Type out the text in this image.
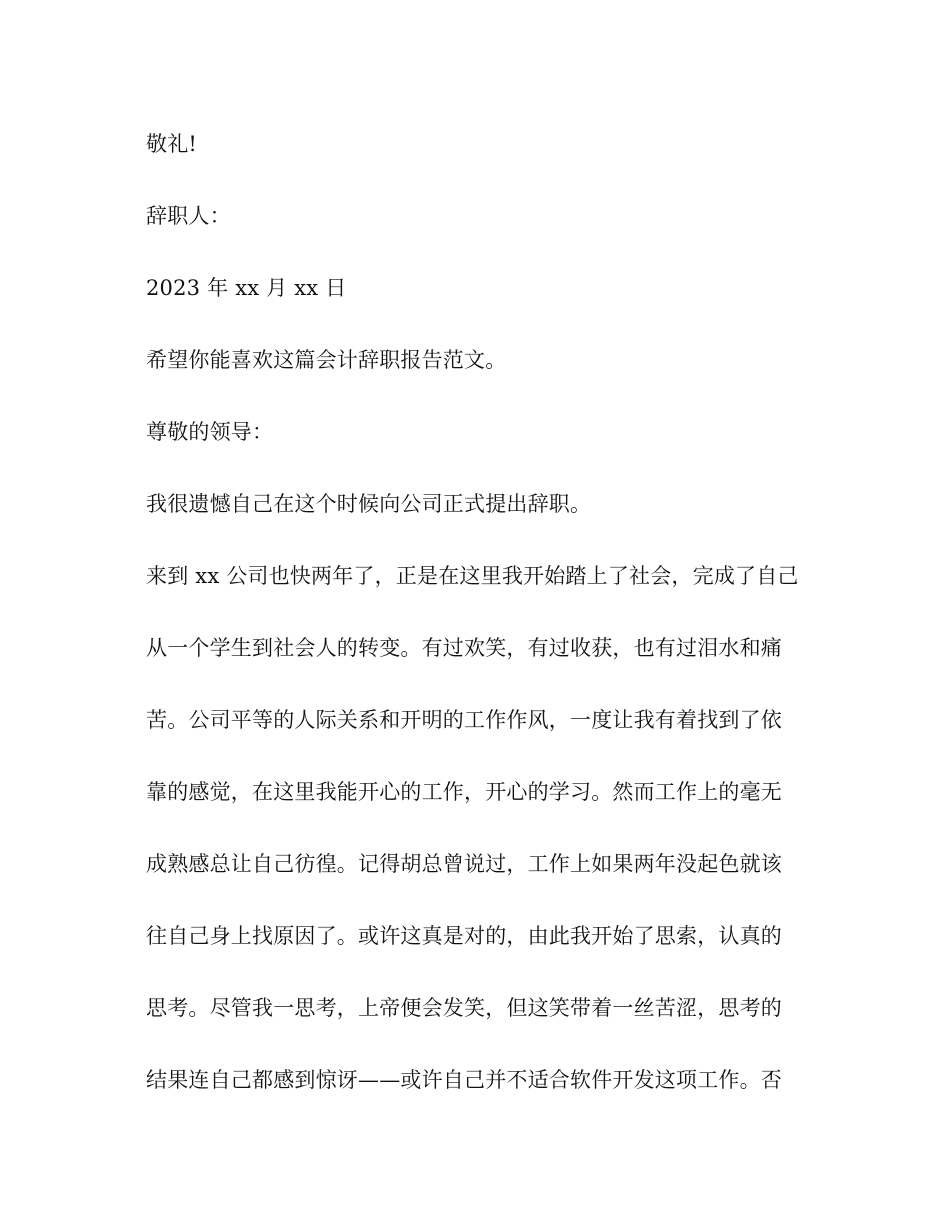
敬礼!

辞职人：

2023 年 xx 月 xx 日

希望你能喜欢这篇会计辞职报告范文。

尊敬的领导：

我很遗憾自己在这个时候向公司正式提出辞职。

来到 xx 公司也快两年了，正是在这里我开始踏上了社会，完成了自己

从一个学生到社会人的转变。有过欢笑，有过收获，也有过泪水和痛

苦。公司平等的人际关系和开明的工作作风，一度让我有着找到了依

靠的感觉，在这里我能开心的工作，开心的学习。然而工作上的毫无

成熟感总让自己彷徨。记得胡总曾说过，工作上如果两年没起色就该

往自己身上找原因了。或许这真是对的，由此我开始了思索，认真的

思考。尽管我一思考，上帝便会发笑，但这笑带着一丝苦涩，思考的

结果连自己都感到惊讶——或许自己并不适合软件开发这项工作。否
